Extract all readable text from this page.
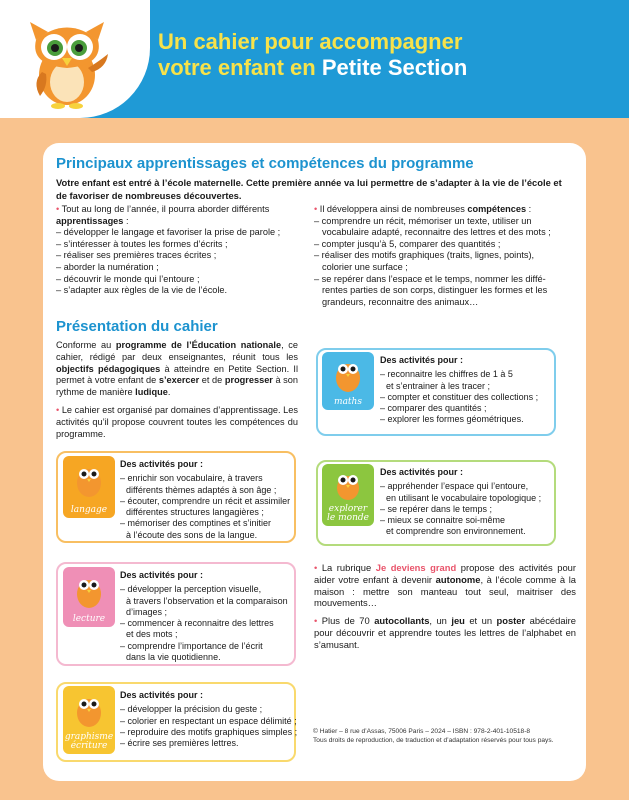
Un cahier pour accompagner
votre enfant en Petite Section
Principaux apprentissages et compétences du programme
Votre enfant est entré à l’école maternelle. Cette première année va lui permettre de s’adapter à la vie de l’école et de favoriser de nombreuses découvertes.
• Tout au long de l’année, il pourra aborder différents apprentissages :
– développer le langage et favoriser la prise de parole ;
– s’intéresser à toutes les formes d’écrits ;
– réaliser ses premières traces écrites ;
– aborder la numération ;
– découvrir le monde qui l’entoure ;
– s’adapter aux règles de la vie de l’école.
• Il développera ainsi de nombreuses compétences :
– comprendre un récit, mémoriser un texte, utiliser un
vocabulaire adapté, reconnaitre des lettres et des mots ;
– compter jusqu’à 5, comparer des quantités ;
– réaliser des motifs graphiques (traits, lignes, points),
colorier une surface ;
– se repérer dans l’espace et le temps, nommer les diffé-
rentes parties de son corps, distinguer les formes et les
grandeurs, reconnaitre des animaux…
Présentation du cahier

Conforme au programme de l’Éducation nationale, ce cahier, rédigé par deux enseignantes, réunit tous les objectifs pédagogiques à atteindre en Petite Section. Il permet à votre enfant de s’exercer et de progresser à son rythme de manière ludique.

• Le cahier est organisé par domaines d’apprentissage. Les activités qu’il propose couvrent toutes les compétences du programme.

maths
Des activités pour :
– reconnaitre les chiffres de 1 à 5
et s’entrainer à les tracer ;
– compter et constituer des collections ;
– comparer des quantités ;
– explorer les formes géométriques.
langage
Des activités pour :
– enrichir son vocabulaire, à travers
différents thèmes adaptés à son âge ;
– écouter, comprendre un récit et assimiler
différentes structures langagières ;
– mémoriser des comptines et s’initier
à l’écoute des sons de la langue.
explorer
le monde
Des activités pour :
– appréhender l’espace qui l’entoure,
en utilisant le vocabulaire topologique ;
– se repérer dans le temps ;
– mieux se connaitre soi-même
et comprendre son environnement.
lecture
Des activités pour :
– développer la perception visuelle,
à travers l’observation et la comparaison
d’images ;
– commencer à reconnaitre des lettres
et des mots ;
– comprendre l’importance de l’écrit
dans la vie quotidienne.

• La rubrique Je deviens grand propose des activités pour aider votre enfant à devenir autonome, à l’école comme à la maison : mettre son manteau tout seul, maitriser des mouvements…

• Plus de 70 autocollants, un jeu et un poster abécédaire pour découvrir et apprendre toutes les lettres de l’alphabet en s’amusant.

graphisme
écriture
Des activités pour :
– développer la précision du geste ;
– colorier en respectant un espace délimité ;
– reproduire des motifs graphiques simples ;
– écrire ses premières lettres.
© Hatier – 8 rue d’Assas, 75006 Paris – 2024 – ISBN : 978-2-401-10518-8
Tous droits de reproduction, de traduction et d’adaptation réservés pour tous pays.
